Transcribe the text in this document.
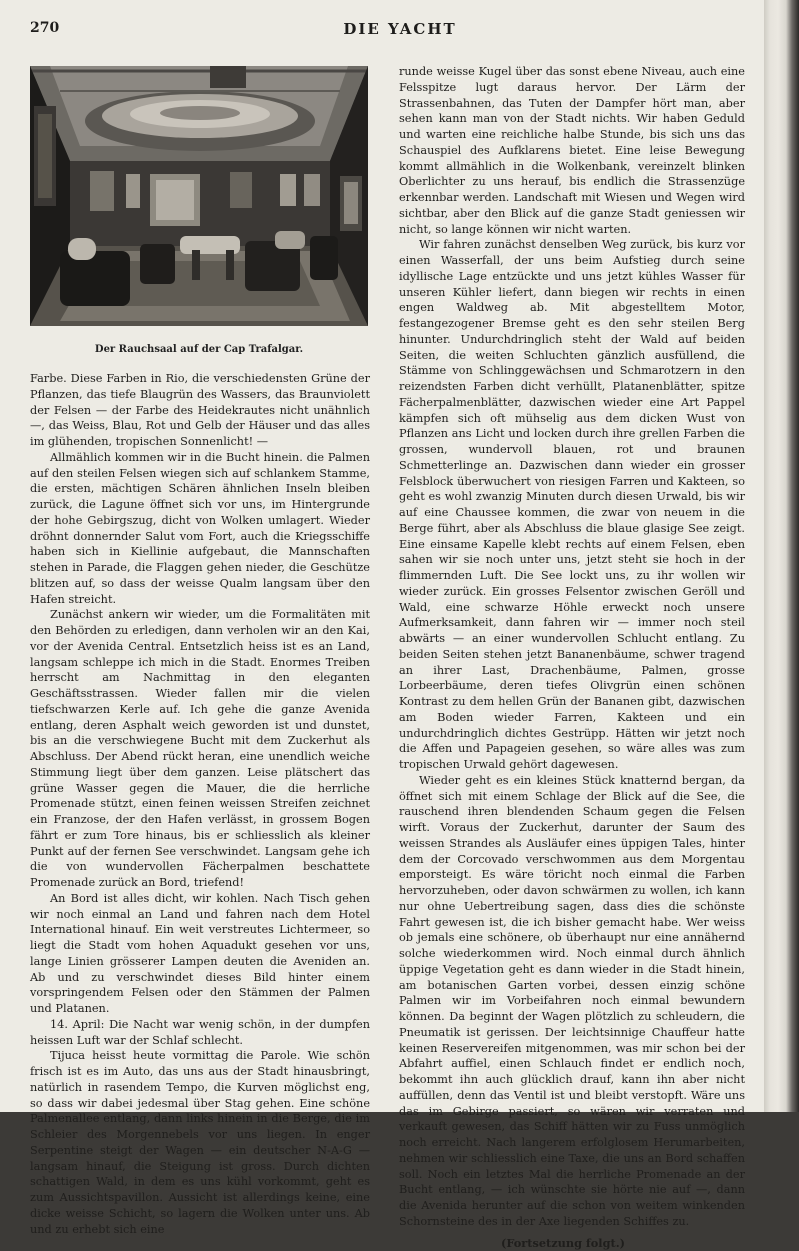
270	DIE YACHT
Der Rauchsaal auf der Cap Trafalgar.

Farbe. Diese Farben in Rio, die verschiedensten Grüne der Pflanzen, das tiefe Blaugrün des Wassers, das Braunviolett der Felsen — der Farbe des Heidekrautes nicht unähnlich —, das Weiss, Blau, Rot und Gelb der Häuser und das alles im glühenden, tropischen Sonnenlicht! —

Allmählich kommen wir in die Bucht hinein. die Palmen auf den steilen Felsen wiegen sich auf schlankem Stamme, die ersten, mächtigen Schären ähnlichen Inseln bleiben zurück, die Lagune öffnet sich vor uns, im Hintergrunde der hohe Gebirgszug, dicht von Wolken umlagert. Wieder dröhnt donnernder Salut vom Fort, auch die Kriegsschiffe haben sich in Kiellinie aufgebaut, die Mannschaften stehen in Parade, die Flaggen gehen nieder, die Geschütze blitzen auf, so dass der weisse Qualm langsam über den Hafen streicht.

Zunächst ankern wir wieder, um die Formalitäten mit den Behörden zu erledigen, dann verholen wir an den Kai, vor der Avenida Central. Entsetzlich heiss ist es an Land, langsam schleppe ich mich in die Stadt. Enormes Treiben herrscht am Nachmittag in den eleganten Geschäftsstrassen. Wieder fallen mir die vielen tiefschwarzen Kerle auf. Ich gehe die ganze Avenida entlang, deren Asphalt weich geworden ist und dunstet, bis an die verschwiegene Bucht mit dem Zuckerhut als Abschluss. Der Abend rückt heran, eine unendlich weiche Stimmung liegt über dem ganzen. Leise plätschert das grüne Wasser gegen die Mauer, die die herrliche Promenade stützt, einen feinen weissen Streifen zeichnet ein Franzose, der den Hafen verlässt, in grossem Bogen fährt er zum Tore hinaus, bis er schliesslich als kleiner Punkt auf der fernen See verschwindet. Langsam gehe ich die von wundervollen Fächerpalmen beschattete Promenade zurück an Bord, triefend!

An Bord ist alles dicht, wir kohlen. Nach Tisch gehen wir noch einmal an Land und fahren nach dem Hotel International hinauf. Ein weit verstreutes Lichtermeer, so liegt die Stadt vom hohen Aquadukt gesehen vor uns, lange Linien grösserer Lampen deuten die Aveniden an. Ab und zu verschwindet dieses Bild hinter einem vorspringendem Felsen oder den Stämmen der Palmen und Platanen.

14. April: Die Nacht war wenig schön, in der dumpfen heissen Luft war der Schlaf schlecht.

Tijuca heisst heute vormittag die Parole. Wie schön frisch ist es im Auto, das uns aus der Stadt hinausbringt, natürlich in rasendem Tempo, die Kurven möglichst eng, so dass wir dabei jedesmal über Stag gehen. Eine schöne Palmenallee entlang, dann links hinein in die Berge, die im Schleier des Morgennebels vor uns liegen. In enger Serpentine steigt der Wagen — ein deutscher N-A-G — langsam hinauf, die Steigung ist gross. Durch dichten schattigen Wald, in dem es uns kühl vorkommt, geht es zum Aussichtspavillon. Aussicht ist allerdings keine, eine dicke weisse Schicht, so lagern die Wolken unter uns. Ab und zu erhebt sich eine

runde weisse Kugel über das sonst ebene Niveau, auch eine Felsspitze lugt daraus hervor. Der Lärm der Strassenbahnen, das Tuten der Dampfer hört man, aber sehen kann man von der Stadt nichts. Wir haben Geduld und warten eine reichliche halbe Stunde, bis sich uns das Schauspiel des Aufklarens bietet. Eine leise Bewegung kommt allmählich in die Wolkenbank, vereinzelt blinken Oberlichter zu uns herauf, bis endlich die Strassenzüge erkennbar werden. Landschaft mit Wiesen und Wegen wird sichtbar, aber den Blick auf die ganze Stadt geniessen wir nicht, so lange können wir nicht warten.

Wir fahren zunächst denselben Weg zurück, bis kurz vor einen Wasserfall, der uns beim Aufstieg durch seine idyllische Lage entzückte und uns jetzt kühles Wasser für unseren Kühler liefert, dann biegen wir rechts in einen engen Waldweg ab. Mit abgestelltem Motor, festangezogener Bremse geht es den sehr steilen Berg hinunter. Undurchdringlich steht der Wald auf beiden Seiten, die weiten Schluchten gänzlich ausfüllend, die Stämme von Schlinggewächsen und Schmarotzern in den reizendsten Farben dicht verhüllt, Platanenblätter, spitze Fächerpalmenblätter, dazwischen wieder eine Art Pappel kämpfen sich oft mühselig aus dem dicken Wust von Pflanzen ans Licht und locken durch ihre grellen Farben die grossen, wundervoll blauen, rot und braunen Schmetterlinge an. Dazwischen dann wieder ein grosser Felsblock überwuchert von riesigen Farren und Kakteen, so geht es wohl zwanzig Minuten durch diesen Urwald, bis wir auf eine Chaussee kommen, die zwar von neuem in die Berge führt, aber als Abschluss die blaue glasige See zeigt. Eine einsame Kapelle klebt rechts auf einem Felsen, eben sahen wir sie noch unter uns, jetzt steht sie hoch in der flimmernden Luft. Die See lockt uns, zu ihr wollen wir wieder zurück. Ein grosses Felsentor zwischen Geröll und Wald, eine schwarze Höhle erweckt noch unsere Aufmerksamkeit, dann fahren wir — immer noch steil abwärts — an einer wundervollen Schlucht entlang. Zu beiden Seiten stehen jetzt Bananenbäume, schwer tragend an ihrer Last, Drachenbäume, Palmen, grosse Lorbeerbäume, deren tiefes Olivgrün einen schönen Kontrast zu dem hellen Grün der Bananen gibt, dazwischen am Boden wieder Farren, Kakteen und ein undurchdringlich dichtes Gestrüpp. Hätten wir jetzt noch die Affen und Papageien gesehen, so wäre alles was zum tropischen Urwald gehört dagewesen.

Wieder geht es ein kleines Stück knatternd bergan, da öffnet sich mit einem Schlage der Blick auf die See, die rauschend ihren blendenden Schaum gegen die Felsen wirft. Voraus der Zuckerhut, darunter der Saum des weissen Strandes als Ausläufer eines üppigen Tales, hinter dem der Corcovado verschwommen aus dem Morgentau emporsteigt. Es wäre töricht noch einmal die Farben hervorzuheben, oder davon schwärmen zu wollen, ich kann nur ohne Uebertreibung sagen, dass dies die schönste Fahrt gewesen ist, die ich bisher gemacht habe. Wer weiss ob jemals eine schönere, ob überhaupt nur eine annähernd solche wiederkommen wird. Noch einmal durch ähnlich üppige Vegetation geht es dann wieder in die Stadt hinein, am botanischen Garten vorbei, dessen einzig schöne Palmen wir im Vorbeifahren noch einmal bewundern können. Da beginnt der Wagen plötzlich zu schleudern, die Pneumatik ist gerissen. Der leichtsinnige Chauffeur hatte keinen Reservereifen mitgenommen, was mir schon bei der Abfahrt auffiel, einen Schlauch findet er endlich noch, bekommt ihn auch glücklich drauf, kann ihn aber nicht auffüllen, denn das Ventil ist und bleibt verstopft. Wäre uns das im Gebirge passiert, so wären wir verraten und verkauft gewesen, das Schiff hätten wir zu Fuss unmöglich noch erreicht. Nach langerem erfolglosem Herumarbeiten, nehmen wir schliesslich eine Taxe, die uns an Bord schaffen soll. Noch ein letztes Mal die herrliche Promenade an der Bucht entlang, — ich wünschte sie hörte nie auf —, dann die Avenida herunter auf die schon von weitem winkenden Schornsteine des in der Axe liegenden Schiffes zu.

(Fortsetzung folgt.)
